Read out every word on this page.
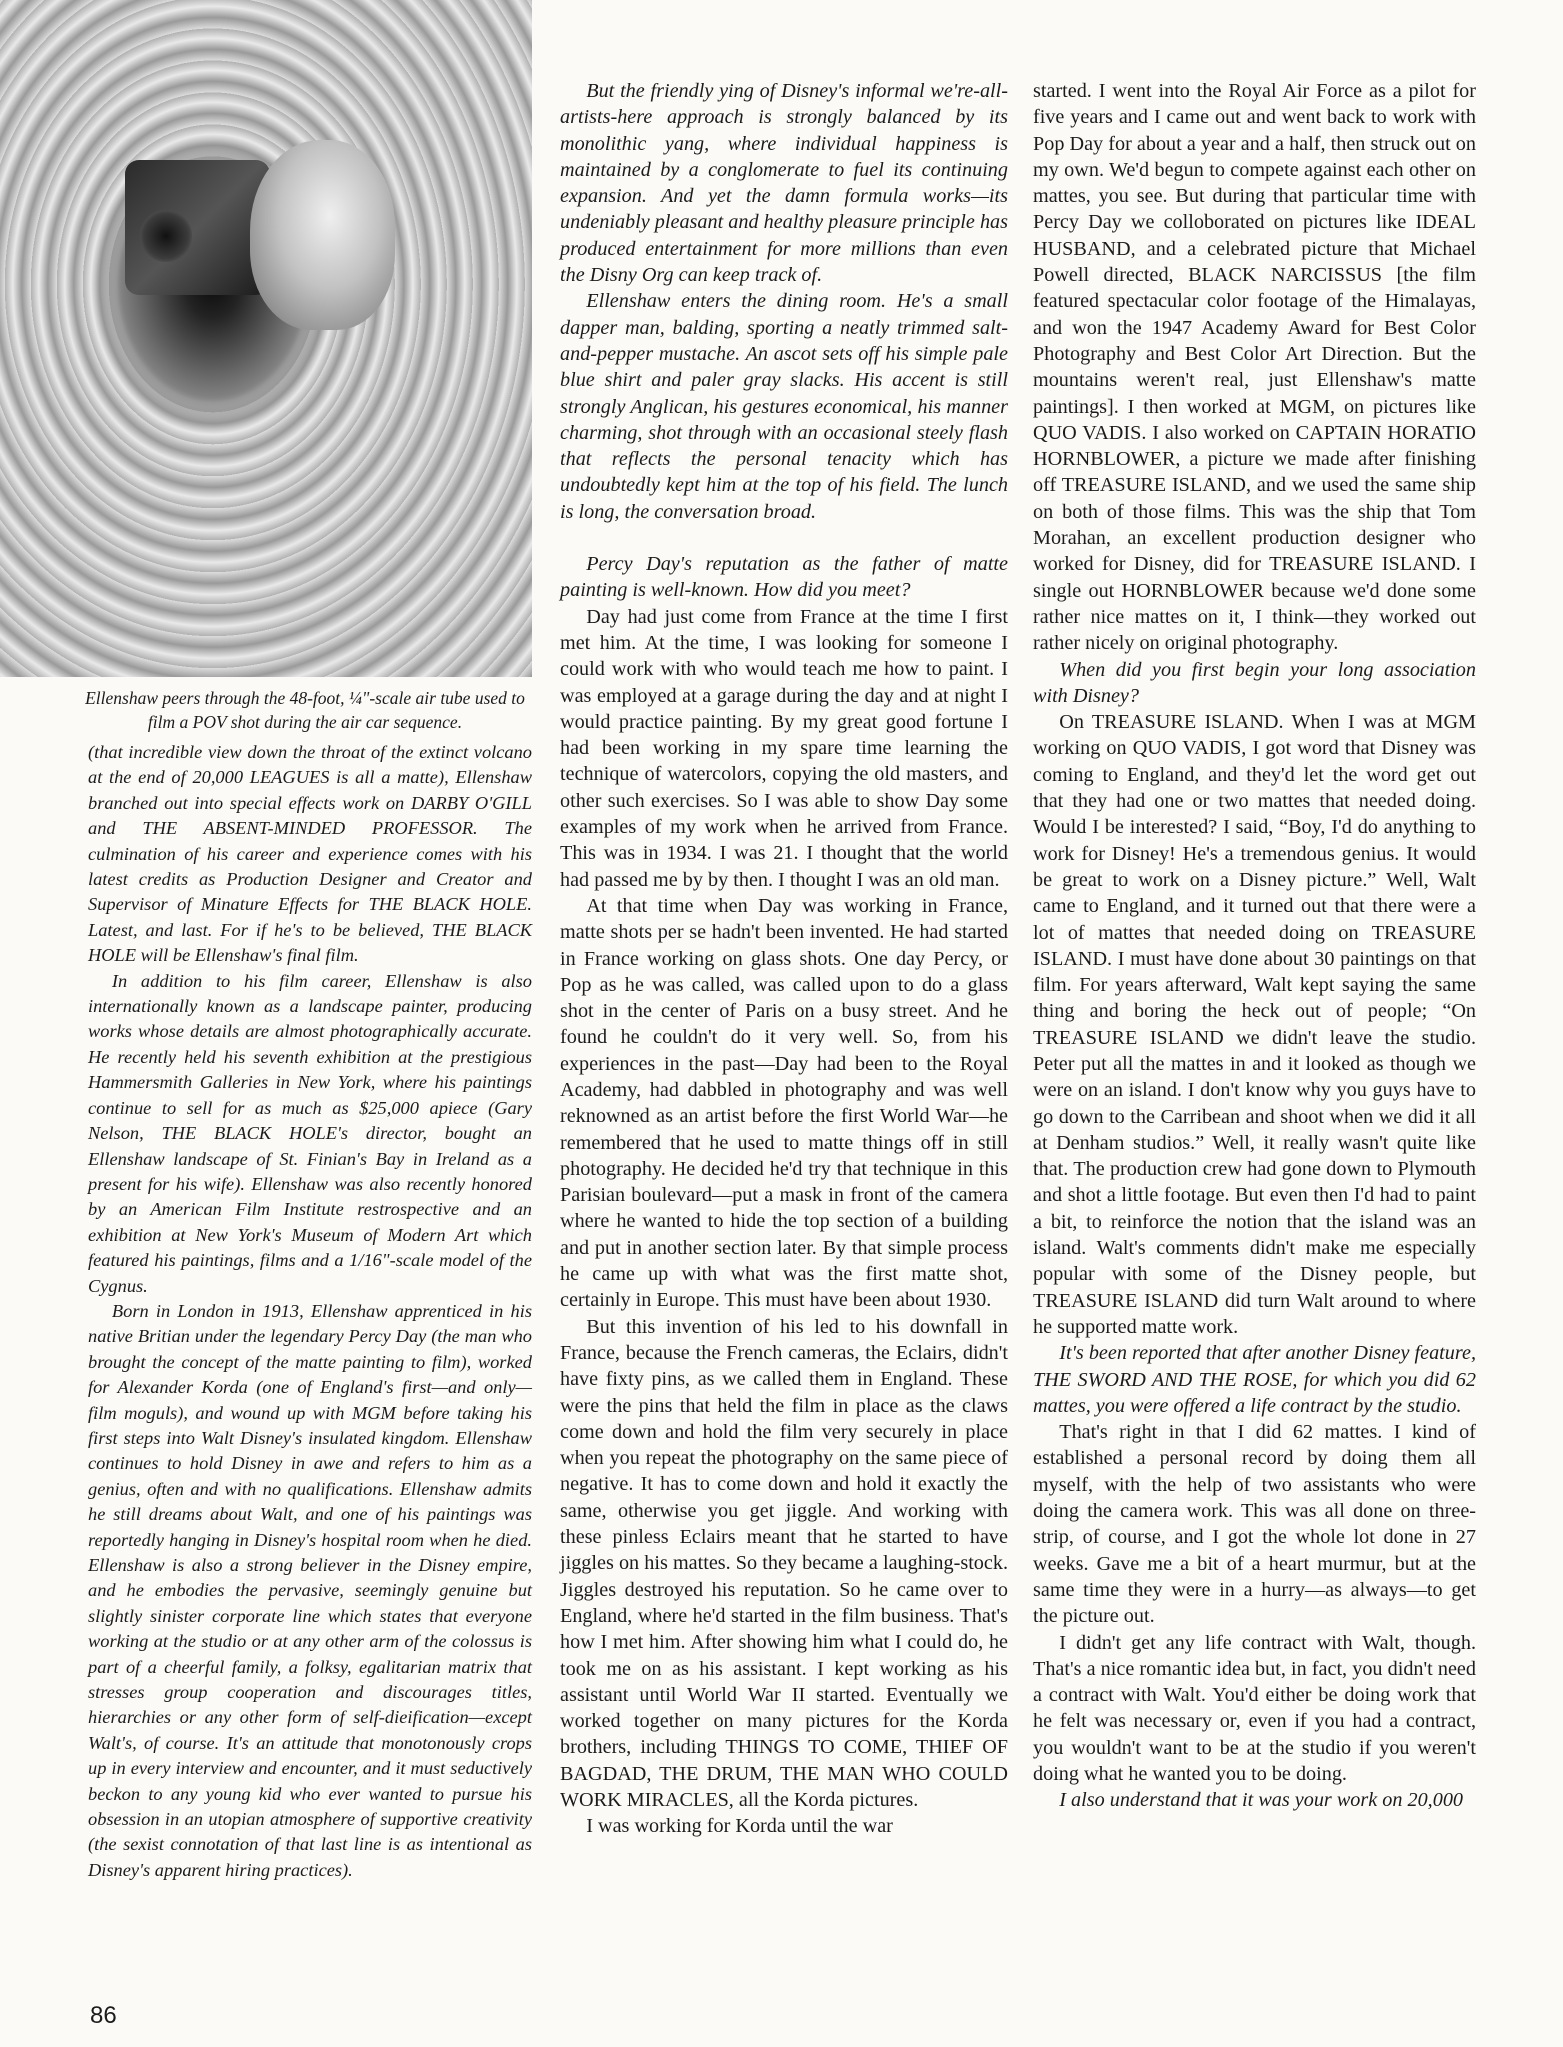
Ellenshaw peers through the 48-foot, ¼"-scale air tube used to film a POV shot during the air car sequence.

(that incredible view down the throat of the extinct volcano at the end of 20,000 LEAGUES is all a matte), Ellenshaw branched out into special effects work on DARBY O'GILL and THE ABSENT-MINDED PROFESSOR. The culmination of his career and experience comes with his latest credits as Production Designer and Creator and Supervisor of Minature Effects for THE BLACK HOLE. Latest, and last. For if he's to be believed, THE BLACK HOLE will be Ellenshaw's final film.

In addition to his film career, Ellenshaw is also internationally known as a landscape painter, producing works whose details are almost photographically accurate. He recently held his seventh exhibition at the prestigious Hammersmith Galleries in New York, where his paintings continue to sell for as much as $25,000 apiece (Gary Nelson, THE BLACK HOLE's director, bought an Ellenshaw landscape of St. Finian's Bay in Ireland as a present for his wife). Ellenshaw was also recently honored by an American Film Institute restrospective and an exhibition at New York's Museum of Modern Art which featured his paintings, films and a 1/16"-scale model of the Cygnus.

Born in London in 1913, Ellenshaw apprenticed in his native Britian under the legendary Percy Day (the man who brought the concept of the matte painting to film), worked for Alexander Korda (one of England's first—and only—film moguls), and wound up with MGM before taking his first steps into Walt Disney's insulated kingdom. Ellenshaw continues to hold Disney in awe and refers to him as a genius, often and with no qualifications. Ellenshaw admits he still dreams about Walt, and one of his paintings was reportedly hanging in Disney's hospital room when he died. Ellenshaw is also a strong believer in the Disney empire, and he embodies the pervasive, seemingly genuine but slightly sinister corporate line which states that everyone working at the studio or at any other arm of the colossus is part of a cheerful family, a folksy, egalitarian matrix that stresses group cooperation and discourages titles, hierarchies or any other form of self-dieification—except Walt's, of course. It's an attitude that monotonously crops up in every interview and encounter, and it must seductively beckon to any young kid who ever wanted to pursue his obsession in an utopian atmosphere of supportive creativity (the sexist connotation of that last line is as intentional as Disney's apparent hiring practices).

But the friendly ying of Disney's informal we're-all-artists-here approach is strongly balanced by its monolithic yang, where individual happiness is maintained by a conglomerate to fuel its continuing expansion. And yet the damn formula works—its undeniably pleasant and healthy pleasure principle has produced entertainment for more millions than even the Disny Org can keep track of.

Ellenshaw enters the dining room. He's a small dapper man, balding, sporting a neatly trimmed salt-and-pepper mustache. An ascot sets off his simple pale blue shirt and paler gray slacks. His accent is still strongly Anglican, his gestures economical, his manner charming, shot through with an occasional steely flash that reflects the personal tenacity which has undoubtedly kept him at the top of his field. The lunch is long, the conversation broad.

Percy Day's reputation as the father of matte painting is well-known. How did you meet?

Day had just come from France at the time I first met him. At the time, I was looking for someone I could work with who would teach me how to paint. I was employed at a garage during the day and at night I would practice painting. By my great good fortune I had been working in my spare time learning the technique of watercolors, copying the old masters, and other such exercises. So I was able to show Day some examples of my work when he arrived from France. This was in 1934. I was 21. I thought that the world had passed me by by then. I thought I was an old man.

At that time when Day was working in France, matte shots per se hadn't been invented. He had started in France working on glass shots. One day Percy, or Pop as he was called, was called upon to do a glass shot in the center of Paris on a busy street. And he found he couldn't do it very well. So, from his experiences in the past—Day had been to the Royal Academy, had dabbled in photography and was well reknowned as an artist before the first World War—he remembered that he used to matte things off in still photography. He decided he'd try that technique in this Parisian boulevard—put a mask in front of the camera where he wanted to hide the top section of a building and put in another section later. By that simple process he came up with what was the first matte shot, certainly in Europe. This must have been about 1930.

But this invention of his led to his downfall in France, because the French cameras, the Eclairs, didn't have fixty pins, as we called them in England. These were the pins that held the film in place as the claws come down and hold the film very securely in place when you repeat the photography on the same piece of negative. It has to come down and hold it exactly the same, otherwise you get jiggle. And working with these pinless Eclairs meant that he started to have jiggles on his mattes. So they became a laughing-stock. Jiggles destroyed his reputation. So he came over to England, where he'd started in the film business. That's how I met him. After showing him what I could do, he took me on as his assistant. I kept working as his assistant until World War II started. Eventually we worked together on many pictures for the Korda brothers, including THINGS TO COME, THIEF OF BAGDAD, THE DRUM, THE MAN WHO COULD WORK MIRACLES, all the Korda pictures.

I was working for Korda until the war

started. I went into the Royal Air Force as a pilot for five years and I came out and went back to work with Pop Day for about a year and a half, then struck out on my own. We'd begun to compete against each other on mattes, you see. But during that particular time with Percy Day we colloborated on pictures like IDEAL HUSBAND, and a celebrated picture that Michael Powell directed, BLACK NARCISSUS [the film featured spectacular color footage of the Himalayas, and won the 1947 Academy Award for Best Color Photography and Best Color Art Direction. But the mountains weren't real, just Ellenshaw's matte paintings]. I then worked at MGM, on pictures like QUO VADIS. I also worked on CAPTAIN HORATIO HORNBLOWER, a picture we made after finishing off TREASURE ISLAND, and we used the same ship on both of those films. This was the ship that Tom Morahan, an excellent production designer who worked for Disney, did for TREASURE ISLAND. I single out HORNBLOWER because we'd done some rather nice mattes on it, I think—they worked out rather nicely on original photography.

When did you first begin your long association with Disney?

On TREASURE ISLAND. When I was at MGM working on QUO VADIS, I got word that Disney was coming to England, and they'd let the word get out that they had one or two mattes that needed doing. Would I be interested? I said, “Boy, I'd do anything to work for Disney! He's a tremendous genius. It would be great to work on a Disney picture.” Well, Walt came to England, and it turned out that there were a lot of mattes that needed doing on TREASURE ISLAND. I must have done about 30 paintings on that film. For years afterward, Walt kept saying the same thing and boring the heck out of people; “On TREASURE ISLAND we didn't leave the studio. Peter put all the mattes in and it looked as though we were on an island. I don't know why you guys have to go down to the Carribean and shoot when we did it all at Denham studios.” Well, it really wasn't quite like that. The production crew had gone down to Plymouth and shot a little footage. But even then I'd had to paint a bit, to reinforce the notion that the island was an island. Walt's comments didn't make me especially popular with some of the Disney people, but TREASURE ISLAND did turn Walt around to where he supported matte work.

It's been reported that after another Disney feature, THE SWORD AND THE ROSE, for which you did 62 mattes, you were offered a life contract by the studio.

That's right in that I did 62 mattes. I kind of established a personal record by doing them all myself, with the help of two assistants who were doing the camera work. This was all done on three-strip, of course, and I got the whole lot done in 27 weeks. Gave me a bit of a heart murmur, but at the same time they were in a hurry—as always—to get the picture out.

I didn't get any life contract with Walt, though. That's a nice romantic idea but, in fact, you didn't need a contract with Walt. You'd either be doing work that he felt was necessary or, even if you had a contract, you wouldn't want to be at the studio if you weren't doing what he wanted you to be doing.

I also understand that it was your work on 20,000

86
